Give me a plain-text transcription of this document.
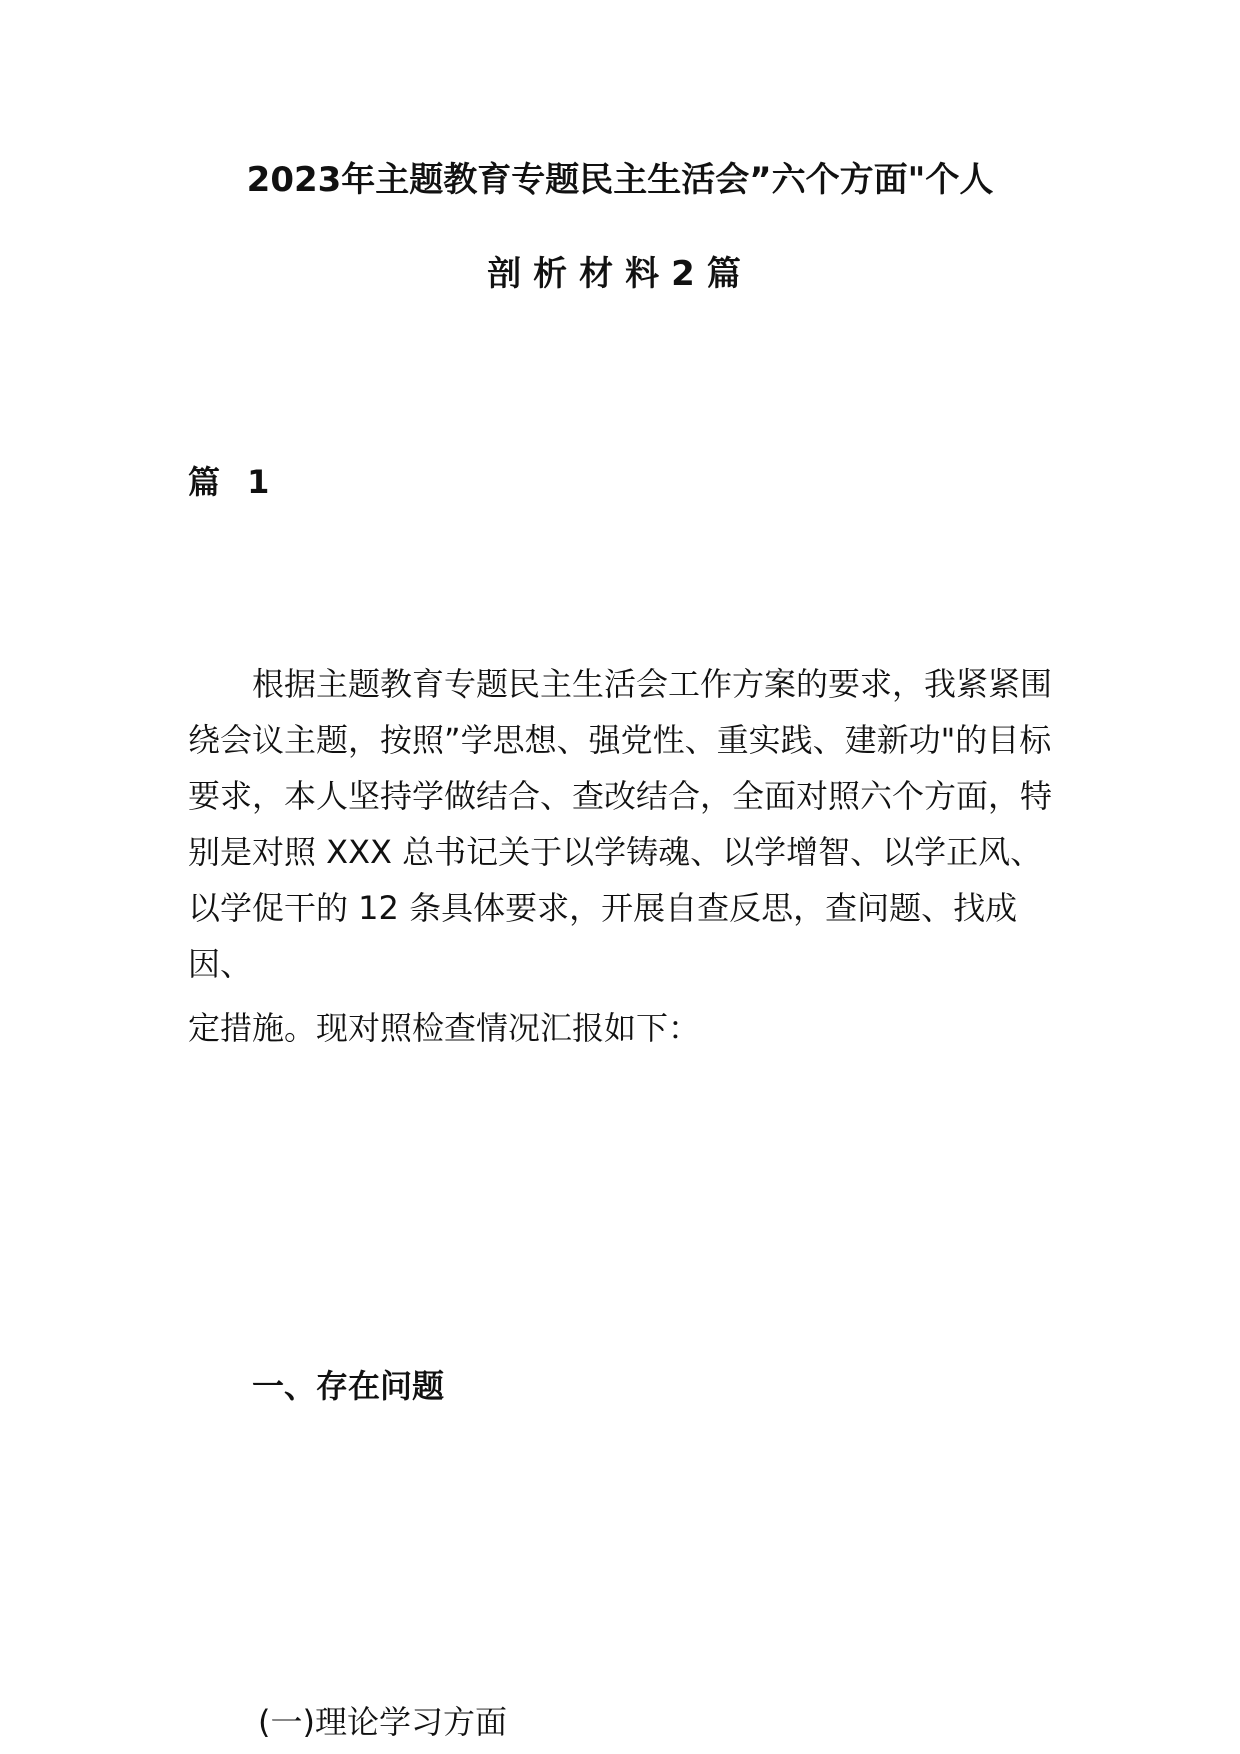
2023年主题教育专题民主生活会”六个方面"个人
剖析材料2篇
篇 1
根据主题教育专题民主生活会工作方案的要求，我紧紧围
绕会议主题，按照”学思想、强党性、重实践、建新功"的目标
要求，本人坚持学做结合、查改结合，全面对照六个方面，特
别是对照 XXX 总书记关于以学铸魂、以学增智、以学正风、
以学促干的 12 条具体要求，开展自查反思，查问题、找成
因、
定措施。现对照检查情况汇报如下：
一、存在问题
(一)理论学习方面
